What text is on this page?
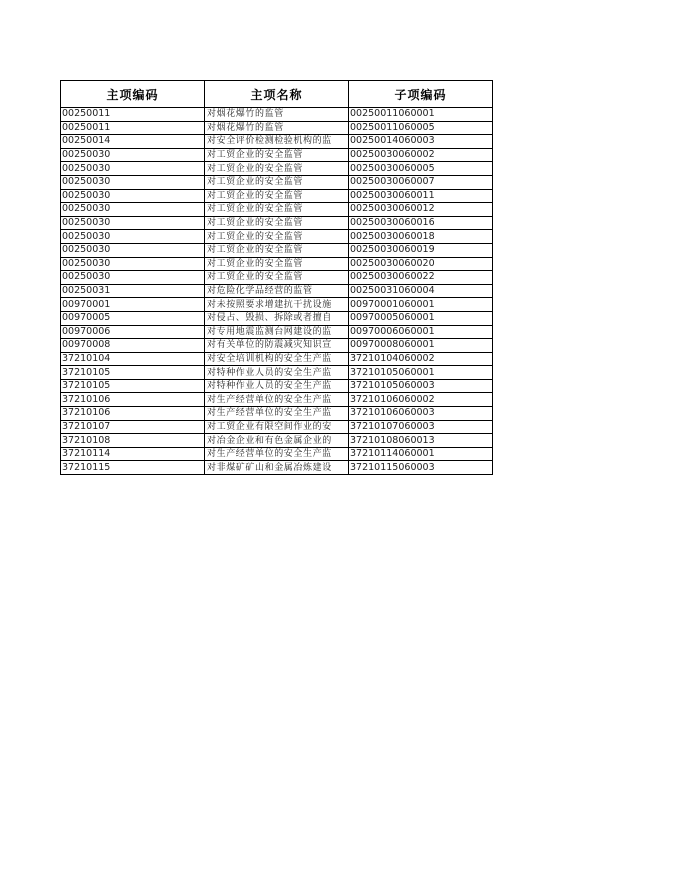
主项编码	主项名称	子项编码
00250011	对烟花爆竹的监管	00250011060001
00250011	对烟花爆竹的监管	00250011060005
00250014	对安全评价检测检验机构的监	00250014060003
00250030	对工贸企业的安全监管	00250030060002
00250030	对工贸企业的安全监管	00250030060005
00250030	对工贸企业的安全监管	00250030060007
00250030	对工贸企业的安全监管	00250030060011
00250030	对工贸企业的安全监管	00250030060012
00250030	对工贸企业的安全监管	00250030060016
00250030	对工贸企业的安全监管	00250030060018
00250030	对工贸企业的安全监管	00250030060019
00250030	对工贸企业的安全监管	00250030060020
00250030	对工贸企业的安全监管	00250030060022
00250031	对危险化学品经营的监管	00250031060004
00970001	对未按照要求增建抗干扰设施	00970001060001
00970005	对侵占、毁损、拆除或者擅自	00970005060001
00970006	对专用地震监测台网建设的监	00970006060001
00970008	对有关单位的防震减灾知识宣	00970008060001
37210104	对安全培训机构的安全生产监	37210104060002
37210105	对特种作业人员的安全生产监	37210105060001
37210105	对特种作业人员的安全生产监	37210105060003
37210106	对生产经营单位的安全生产监	37210106060002
37210106	对生产经营单位的安全生产监	37210106060003
37210107	对工贸企业有限空间作业的安	37210107060003
37210108	对冶金企业和有色金属企业的	37210108060013
37210114	对生产经营单位的安全生产监	37210114060001
37210115	对非煤矿矿山和金属冶炼建设	37210115060003
